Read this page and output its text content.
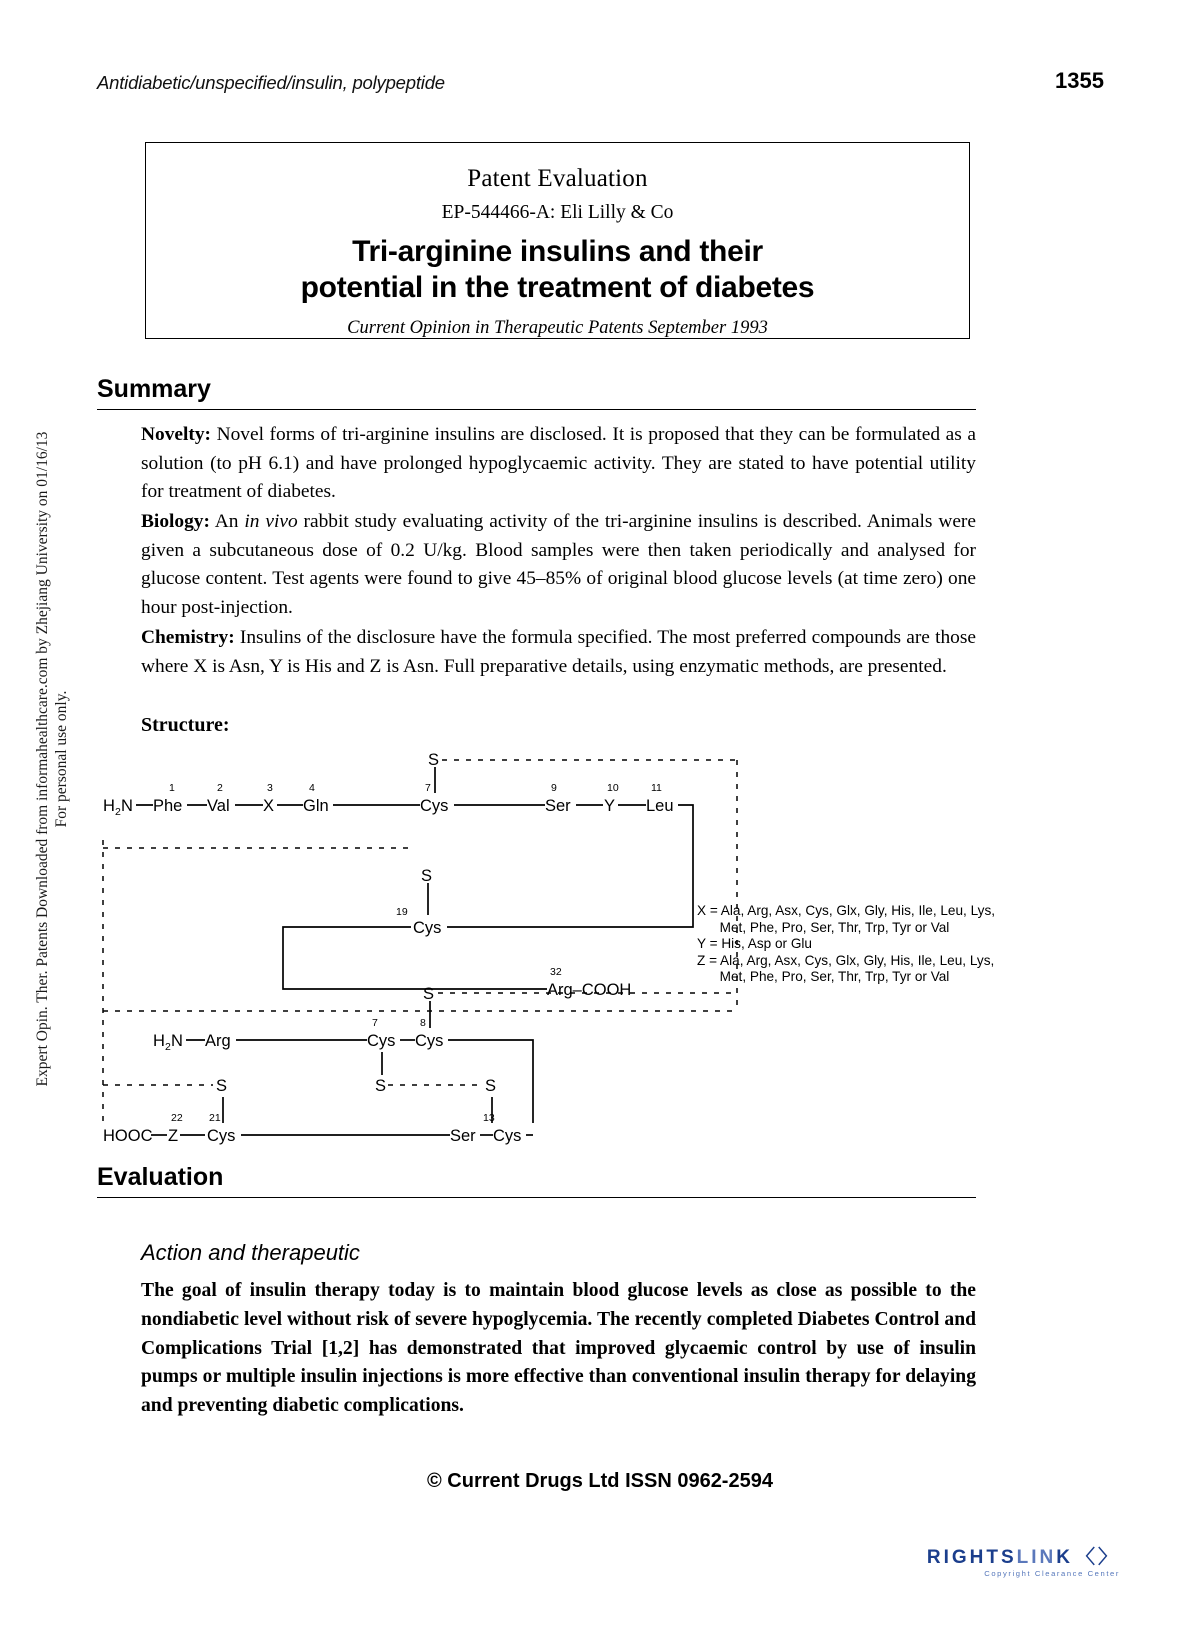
Antidiabetic/unspecified/insulin, polypeptide	1355
Expert Opin. Ther. Patents Downloaded from informahealthcare.com by Zhejiang University on 01/16/13 For personal use only.
Patent Evaluation
EP-544466-A: Eli Lilly & Co
Tri-arginine insulins and their
potential in the treatment of diabetes
Current Opinion in Therapeutic Patents September 1993
Summary
Novelty: Novel forms of tri-arginine insulins are disclosed. It is proposed that they can be formulated as a solution (to pH 6.1) and have prolonged hypoglycaemic activity. They are stated to have potential utility for treatment of diabetes.
Biology: An in vivo rabbit study evaluating activity of the tri-arginine insulins is described. Animals were given a subcutaneous dose of 0.2 U/kg. Blood samples were then taken periodically and analysed for glucose content. Test agents were found to give 45–85% of original blood glucose levels (at time zero) one hour post-injection.
Chemistry: Insulins of the disclosure have the formula specified. The most preferred compounds are those where X is Asn, Y is His and Z is Asn. Full preparative details, using enzymatic methods, are presented.
Structure:
H 2 N
1
Phe
2
Val
3
X
4
Gln
7
Cys
9
Ser
10
Y
11
Leu
S
S
19
Cys
32
Arg–COOH
H 2 N Arg
7
Cys
8
Cys
S
S
S	S
HOOC
22
Z
21
Cys	Ser
13
Cys
X = Ala, Arg, Asx, Cys, Glx, Gly, His, Ile, Leu, Lys,
Met, Phe, Pro, Ser, Thr, Trp, Tyr or Val
Y = His, Asp or Glu
Z = Ala, Arg, Asx, Cys, Glx, Gly, His, Ile, Leu, Lys,
Met, Phe, Pro, Ser, Thr, Trp, Tyr or Val
Evaluation
Action and therapeutic
The goal of insulin therapy today is to maintain blood glucose levels as close as possible to the nondiabetic level without risk of severe hypoglycemia. The recently completed Diabetes Control and Complications Trial [1,2] has demonstrated that improved glycaemic control by use of insulin pumps or multiple insulin injections is more effective than conventional insulin therapy for delaying and preventing diabetic complications.
© Current Drugs Ltd ISSN 0962-2594
RIGHTSLINK 〈〉
Copyright Clearance Center
